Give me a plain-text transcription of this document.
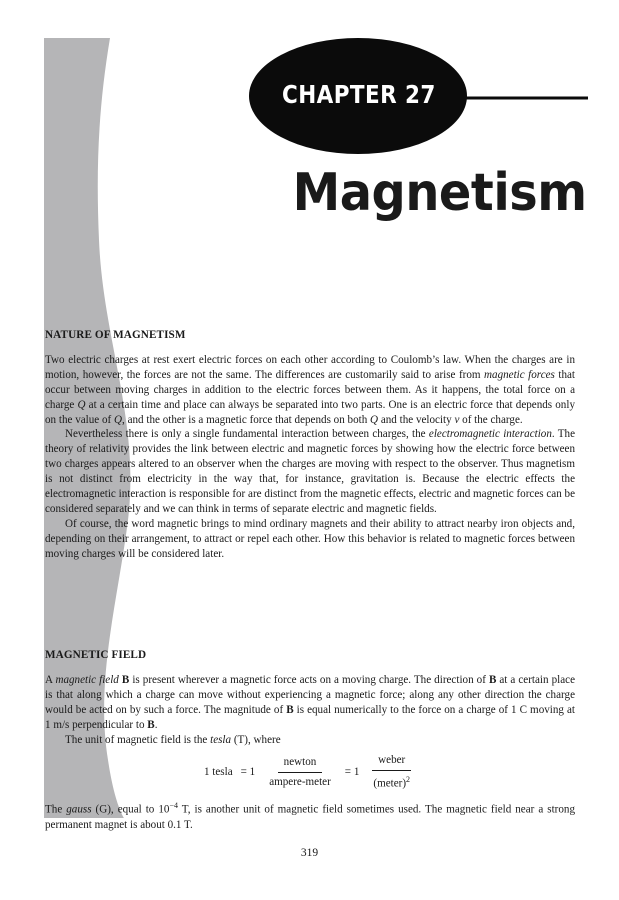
CHAPTER 27
Magnetism
NATURE OF MAGNETISM

Two electric charges at rest exert electric forces on each other according to Coulomb’s law. When the charges are in motion, however, the forces are not the same. The differences are customarily said to arise from magnetic forces that occur between moving charges in addition to the electric forces between them. As it happens, the total force on a charge Q at a certain time and place can always be separated into two parts. One is an electric force that depends only on the value of Q, and the other is a magnetic force that depends on both Q and the velocity v of the charge.

Nevertheless there is only a single fundamental interaction between charges, the electromagnetic interaction. The theory of relativity provides the link between electric and magnetic forces by showing how the electric force between two charges appears altered to an observer when the charges are moving with respect to the observer. Thus magnetism is not distinct from electricity in the way that, for instance, gravitation is. Because the electric effects the electromagnetic interaction is responsible for are distinct from the magnetic effects, electric and magnetic forces can be considered separately and we can think in terms of separate electric and magnetic fields.

Of course, the word magnetic brings to mind ordinary magnets and their ability to attract nearby iron objects and, depending on their arrangement, to attract or repel each other. How this behavior is related to magnetic forces between moving charges will be considered later.

MAGNETIC FIELD

A magnetic field B is present wherever a magnetic force acts on a moving charge. The direction of B at a certain place is that along which a charge can move without experiencing a magnetic force; along any other direction the charge would be acted on by such a force. The magnitude of B is equal numerically to the force on a charge of 1 C moving at 1 m/s perpendicular to B.

The unit of magnetic field is the tesla (T), where

1 tesla = $1 \frac{\text{newton}}{\text{ampere-meter}} = 1 \frac{\text{weber}}{(meter)^2}$

The gauss (G), equal to $10^{-4}$ T, is another unit of magnetic field sometimes used. The magnetic field near a strong permanent magnet is about 0.1 T.

319
